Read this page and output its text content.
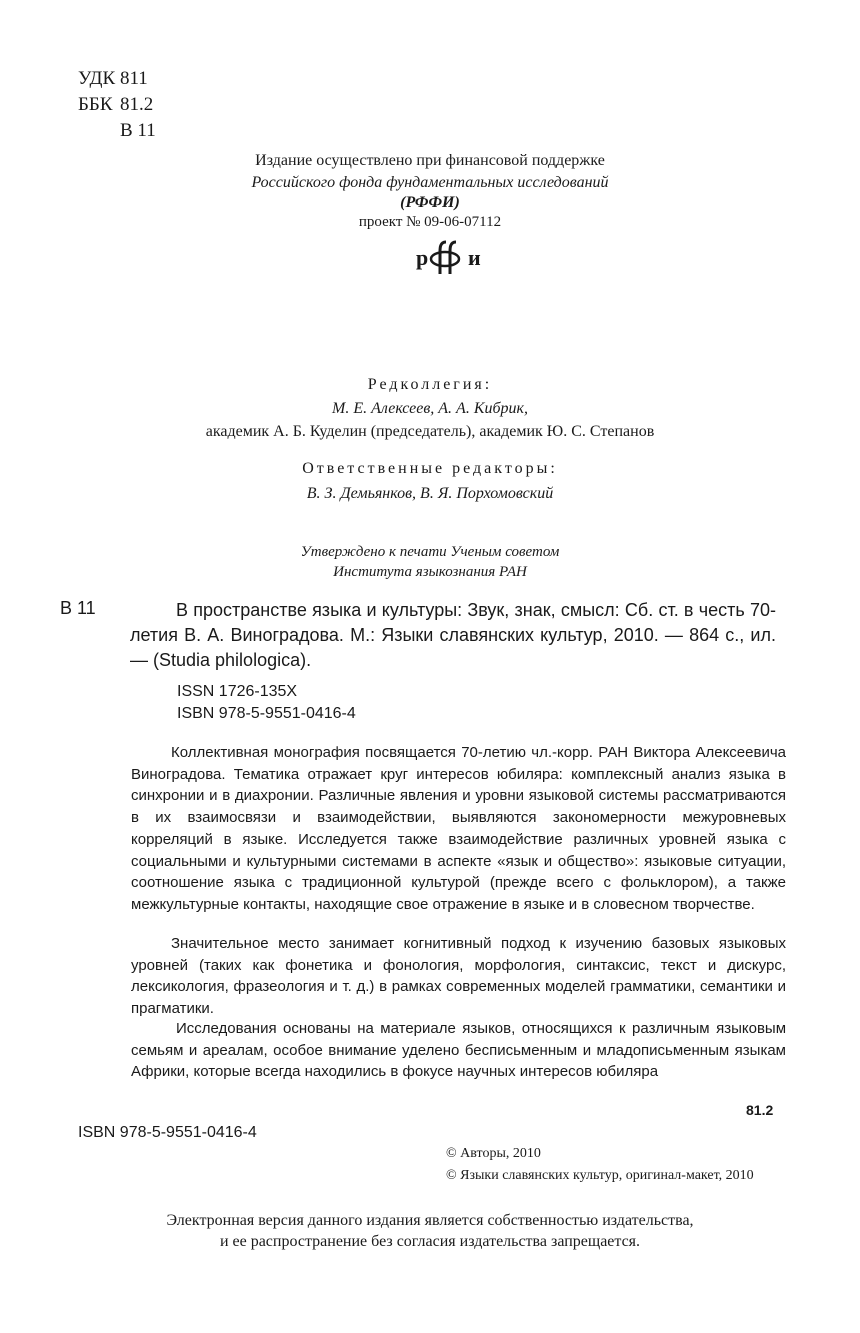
УДК 811
ББК 81.2
В 11
Издание осуществлено при финансовой поддержке
Российского фонда фундаментальных исследований
(РФФИ)
проект № 09-06-07112
р и
Редколлегия:
М. Е. Алексеев, А. А. Кибрик,
академик А. Б. Куделин (председатель), академик Ю. С. Степанов
Ответственные редакторы:
В. З. Демьянков, В. Я. Порхомовский
Утверждено к печати Ученым советом
Института языкознания РАН
В 11	В пространстве языка и культуры: Звук, знак, смысл: Сб. ст. в честь 70-летия В. А. Виноградова. М.: Языки славянских культур, 2010. — 864 с., ил. — (Studia philologica).
ISSN 1726-135X
ISBN 978-5-9551-0416-4
Коллективная монография посвящается 70-летию чл.-корр. РАН Виктора Алексеевича Виноградова. Тематика отражает круг интересов юбиляра: комплексный анализ языка в синхронии и в диахронии. Различные явления и уровни языковой системы рассматриваются в их взаимосвязи и взаимодействии, выявляются закономерности межуровневых корреляций в языке. Исследуется также взаимодействие различных уровней языка с социальными и культурными системами в аспекте «язык и общество»: языковые ситуации, соотношение языка с традиционной культурой (прежде всего с фольклором), а также межкультурные контакты, находящие свое отражение в языке и в словесном творчестве.
Значительное место занимает когнитивный подход к изучению базовых языковых уровней (таких как фонетика и фонология, морфология, синтаксис, текст и дискурс, лексикология, фразеология и т. д.) в рамках современных моделей грамматики, семантики и прагматики.
Исследования основаны на материале языков, относящихся к различным языковым семьям и ареалам, особое внимание уделено бесписьменным и младописьменным языкам Африки, которые всегда находились в фокусе научных интересов юбиляра
81.2
ISBN 978-5-9551-0416-4
© Авторы, 2010
© Языки славянских культур, оригинал-макет, 2010
Электронная версия данного издания является собственностью издательства,
и ее распространение без согласия издательства запрещается.
